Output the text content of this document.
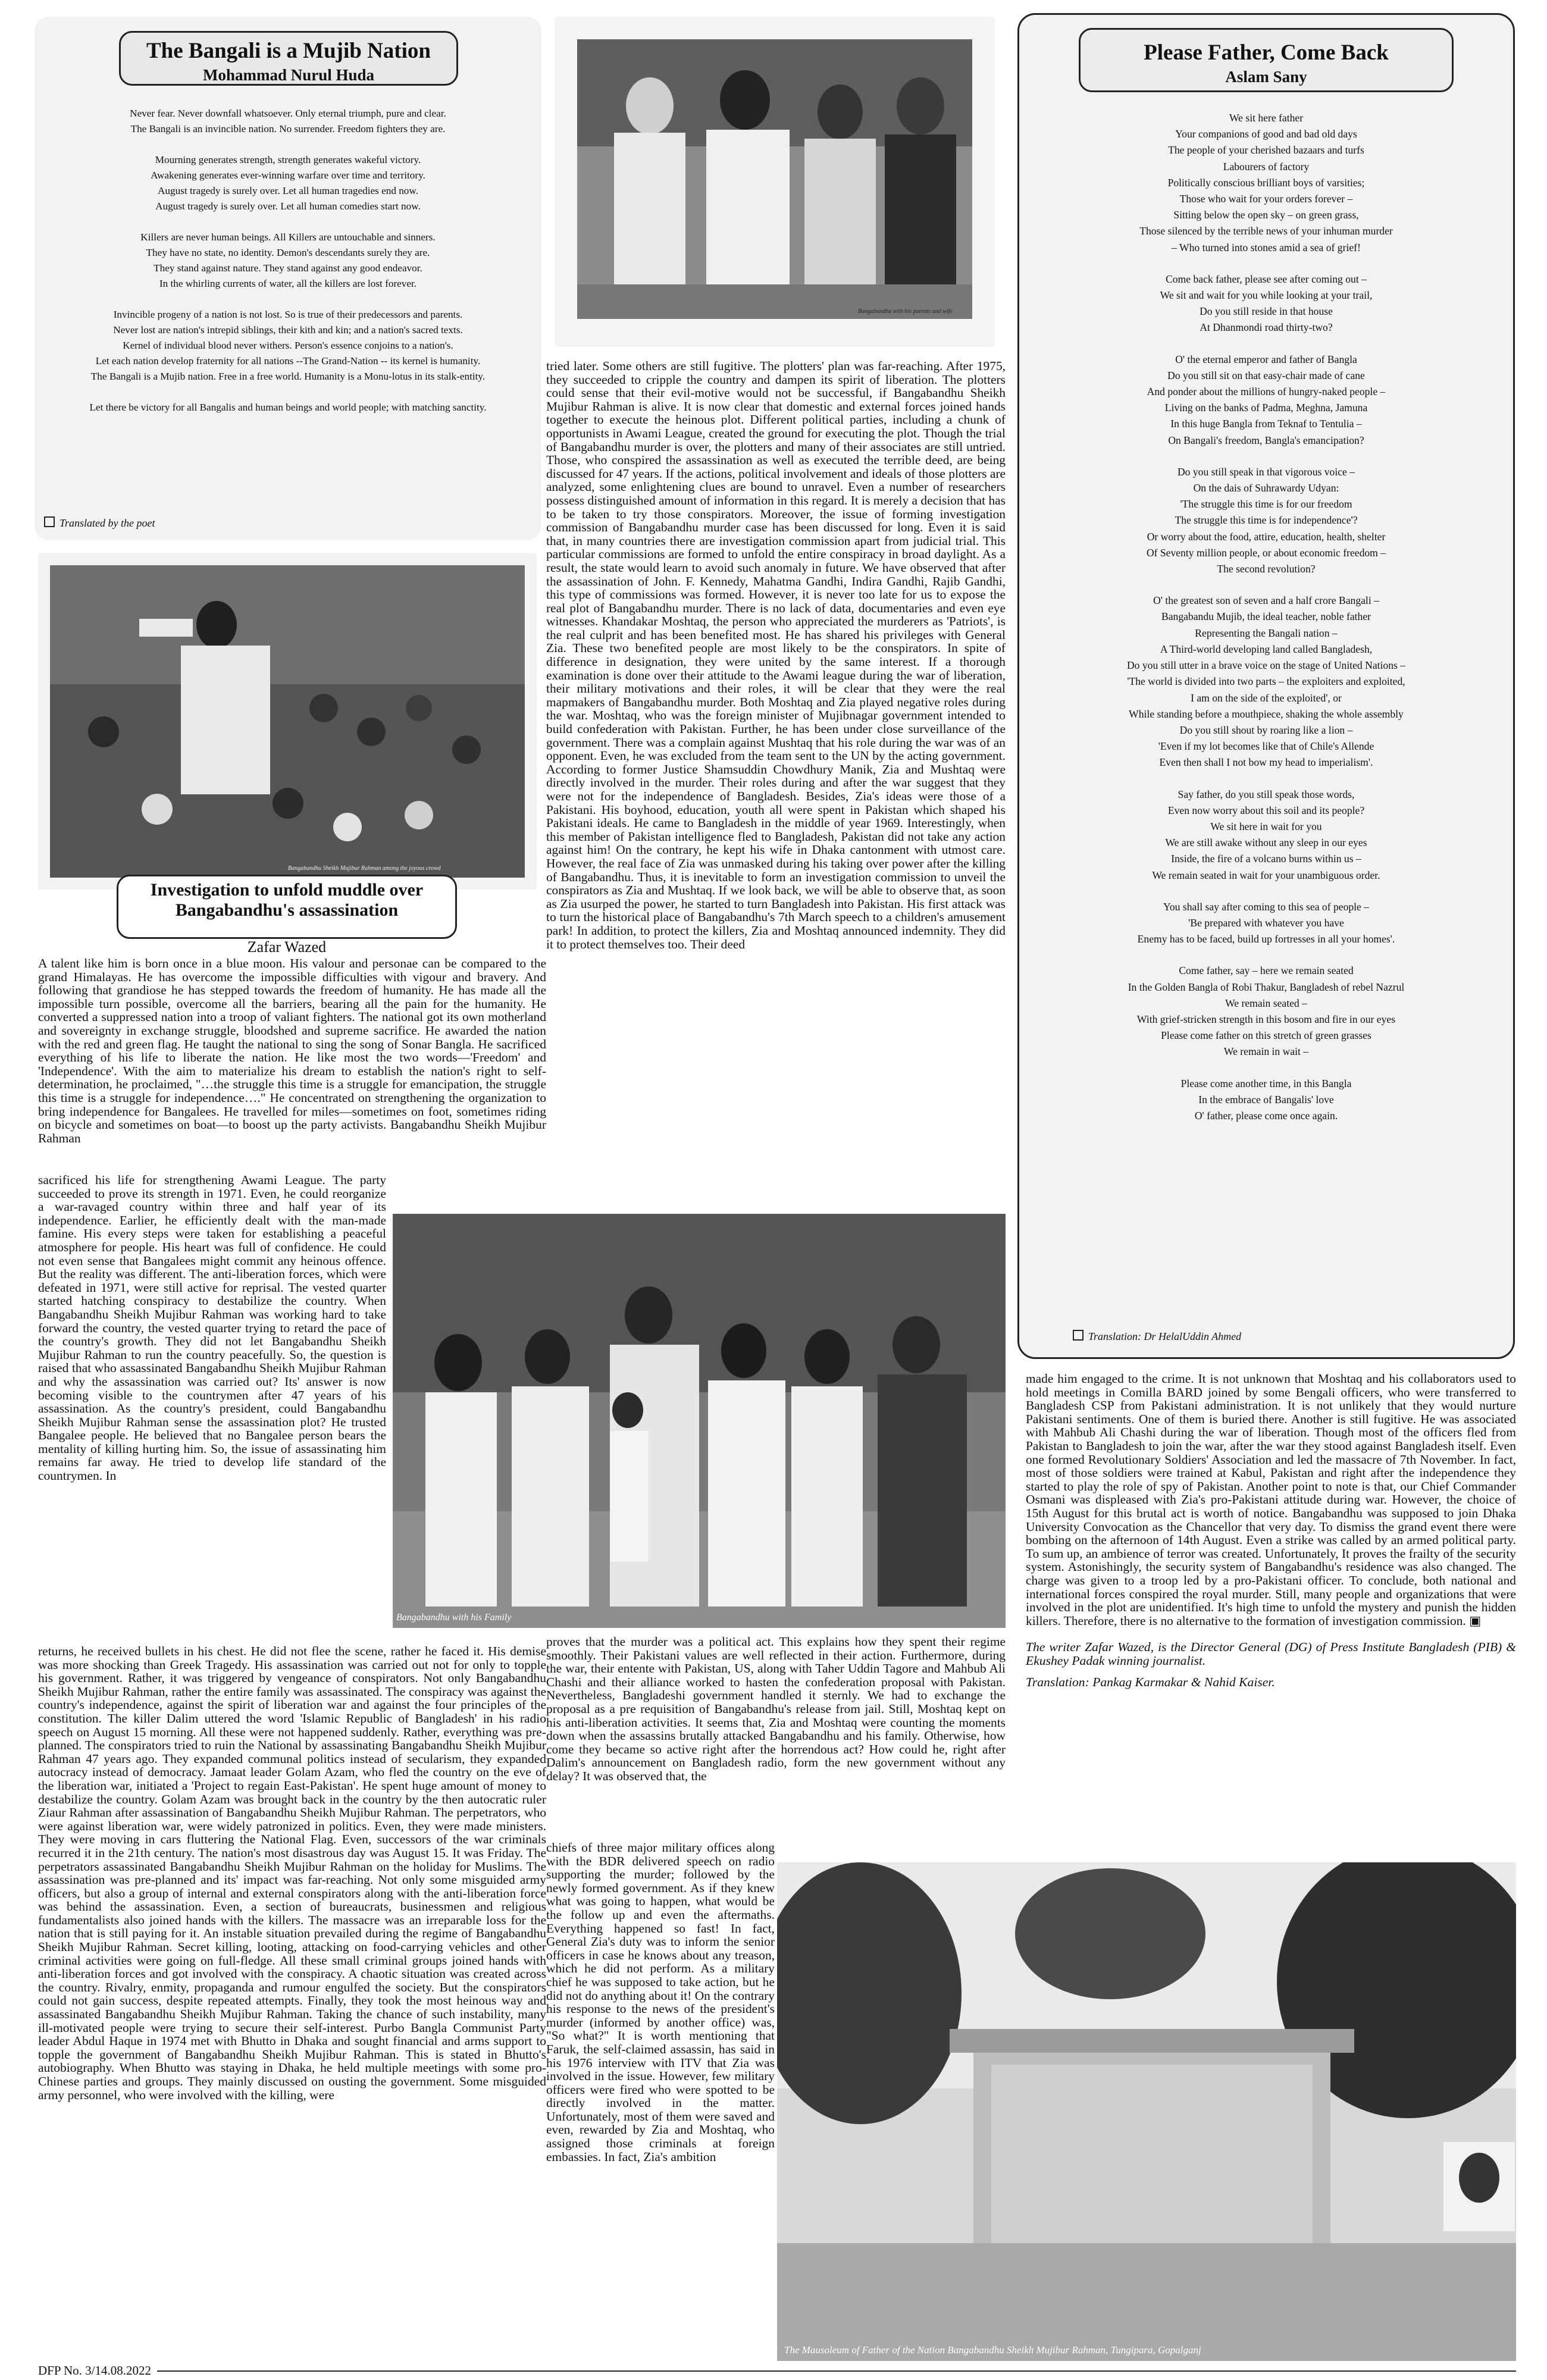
The Bangali is a Mujib Nation
Mohammad Nurul Huda
Never fear. Never downfall whatsoever. Only eternal triumph, pure and clear.
The Bangali is an invincible nation. No surrender. Freedom fighters they are.
Mourning generates strength, strength generates wakeful victory.
Awakening generates ever-winning warfare over time and territory.
August tragedy is surely over. Let all human tragedies end now.
August tragedy is surely over. Let all human comedies start now.
Killers are never human beings. All Killers are untouchable and sinners.
They have no state, no identity. Demon's descendants surely they are.
They stand against nature. They stand against any good endeavor.
In the whirling currents of water, all the killers are lost forever.
Invincible progeny of a nation is not lost. So is true of their predecessors and parents.
Never lost are nation's intrepid siblings, their kith and kin; and a nation's sacred texts.
Kernel of individual blood never withers. Person's essence conjoins to a nation's.
Let each nation develop fraternity for all nations --The Grand-Nation -- its kernel is humanity.
The Bangali is a Mujib nation. Free in a free world. Humanity is a Monu-lotus in its stalk-entity.
Let there be victory for all Bangalis and human beings and world people; with matching sanctity.
Translated by the poet
Bangabandhu with his parents and wife
Please Father, Come Back
Aslam Sany
We sit here father
Your companions of good and bad old days
The people of your cherished bazaars and turfs
Labourers of factory
Politically conscious brilliant boys of varsities;
Those who wait for your orders forever –
Sitting below the open sky – on green grass,
Those silenced by the terrible news of your inhuman murder
– Who turned into stones amid a sea of grief!
Come back father, please see after coming out –
We sit and wait for you while looking at your trail,
Do you still reside in that house
At Dhanmondi road thirty-two?
O' the eternal emperor and father of Bangla
Do you still sit on that easy-chair made of cane
And ponder about the millions of hungry-naked people –
Living on the banks of Padma, Meghna, Jamuna
In this huge Bangla from Teknaf to Tentulia –
On Bangali's freedom, Bangla's emancipation?
Do you still speak in that vigorous voice –
On the dais of Suhrawardy Udyan:
'The struggle this time is for our freedom
The struggle this time is for independence'?
Or worry about the food, attire, education, health, shelter
Of Seventy million people, or about economic freedom –
The second revolution?
O' the greatest son of seven and a half crore Bangali –
Bangabandu Mujib, the ideal teacher, noble father
Representing the Bangali nation –
A Third-world developing land called Bangladesh,
Do you still utter in a brave voice on the stage of United Nations –
'The world is divided into two parts – the exploiters and exploited,
I am on the side of the exploited', or
While standing before a mouthpiece, shaking the whole assembly
Do you still shout by roaring like a lion –
'Even if my lot becomes like that of Chile's Allende
Even then shall I not bow my head to imperialism'.
Say father, do you still speak those words,
Even now worry about this soil and its people?
We sit here in wait for you
We are still awake without any sleep in our eyes
Inside, the fire of a volcano burns within us –
We remain seated in wait for your unambiguous order.
You shall say after coming to this sea of people –
'Be prepared with whatever you have
Enemy has to be faced, build up fortresses in all your homes'.
Come father, say – here we remain seated
In the Golden Bangla of Robi Thakur, Bangladesh of rebel Nazrul
We remain seated –
With grief-stricken strength in this bosom and fire in our eyes
Please come father on this stretch of green grasses
We remain in wait –
Please come another time, in this Bangla
In the embrace of Bangalis' love
O' father, please come once again.
Translation: Dr HelalUddin Ahmed
Bangabandhu Sheikh Mujibur Rahman among the joyous crowd
Investigation to unfold muddle over
Bangabandhu's assassination
Zafar Wazed
A talent like him is born once in a blue moon. His valour and personae can be compared to the grand Himalayas. He has overcome the impossible difficulties with vigour and bravery. And following that grandiose he has stepped towards the freedom of humanity. He has made all the impossible turn possible, overcome all the barriers, bearing all the pain for the humanity. He converted a suppressed nation into a troop of valiant fighters. The national got its own motherland and sovereignty in exchange struggle, bloodshed and supreme sacrifice. He awarded the nation with the red and green flag. He taught the national to sing the song of Sonar Bangla. He sacrificed everything of his life to liberate the nation. He like most the two words—'Freedom' and 'Independence'. With the aim to materialize his dream to establish the nation's right to self-determination, he proclaimed, "…the struggle this time is a struggle for emancipation, the struggle this time is a struggle for independence…." He concentrated on strengthening the organization to bring independence for Bangalees. He travelled for miles—sometimes on foot, sometimes riding on bicycle and sometimes on boat—to boost up the party activists. Bangabandhu Sheikh Mujibur Rahman
sacrificed his life for strengthening Awami League. The party succeeded to prove its strength in 1971. Even, he could reorganize a war-ravaged country within three and half year of its independence. Earlier, he efficiently dealt with the man-made famine. His every steps were taken for establishing a peaceful atmosphere for people. His heart was full of confidence. He could not even sense that Bangalees might commit any heinous offence. But the reality was different. The anti-liberation forces, which were defeated in 1971, were still active for reprisal. The vested quarter started hatching conspiracy to destabilize the country. When Bangabandhu Sheikh Mujibur Rahman was working hard to take forward the country, the vested quarter trying to retard the pace of the country's growth. They did not let Bangabandhu Sheikh Mujibur Rahman to run the country peacefully. So, the question is raised that who assassinated Bangabandhu Sheikh Mujibur Rahman and why the assassination was carried out? Its' answer is now becoming visible to the countrymen after 47 years of his assassination. As the country's president, could Bangabandhu Sheikh Mujibur Rahman sense the assassination plot? He trusted Bangalee people. He believed that no Bangalee person bears the mentality of killing hurting him. So, the issue of assassinating him remains far away. He tried to develop life standard of the countrymen. In
returns, he received bullets in his chest. He did not flee the scene, rather he faced it. His demise was more shocking than Greek Tragedy. His assassination was carried out not for only to topple his government. Rather, it was triggered by vengeance of conspirators. Not only Bangabandhu Sheikh Mujibur Rahman, rather the entire family was assassinated. The conspiracy was against the country's independence, against the spirit of liberation war and against the four principles of the constitution. The killer Dalim uttered the word 'Islamic Republic of Bangladesh' in his radio speech on August 15 morning. All these were not happened suddenly. Rather, everything was pre-planned. The conspirators tried to ruin the National by assassinating Bangabandhu Sheikh Mujibur Rahman 47 years ago. They expanded communal politics instead of secularism, they expanded autocracy instead of democracy. Jamaat leader Golam Azam, who fled the country on the eve of the liberation war, initiated a 'Project to regain East-Pakistan'. He spent huge amount of money to destabilize the country. Golam Azam was brought back in the country by the then autocratic ruler Ziaur Rahman after assassination of Bangabandhu Sheikh Mujibur Rahman. The perpetrators, who were against liberation war, were widely patronized in politics. Even, they were made ministers. They were moving in cars fluttering the National Flag. Even, successors of the war criminals recurred it in the 21th century. The nation's most disastrous day was August 15. It was Friday. The perpetrators assassinated Bangabandhu Sheikh Mujibur Rahman on the holiday for Muslims. The assassination was pre-planned and its' impact was far-reaching. Not only some misguided army officers, but also a group of internal and external conspirators along with the anti-liberation force was behind the assassination. Even, a section of bureaucrats, businessmen and religious fundamentalists also joined hands with the killers. The massacre was an irreparable loss for the nation that is still paying for it. An instable situation prevailed during the regime of Bangabandhu Sheikh Mujibur Rahman. Secret killing, looting, attacking on food-carrying vehicles and other criminal activities were going on full-fledge. All these small criminal groups joined hands with anti-liberation forces and got involved with the conspiracy. A chaotic situation was created across the country. Rivalry, enmity, propaganda and rumour engulfed the society. But the conspirators could not gain success, despite repeated attempts. Finally, they took the most heinous way and assassinated Bangabandhu Sheikh Mujibur Rahman. Taking the chance of such instability, many ill-motivated people were trying to secure their self-interest. Purbo Bangla Communist Party leader Abdul Haque in 1974 met with Bhutto in Dhaka and sought financial and arms support to topple the government of Bangabandhu Sheikh Mujibur Rahman. This is stated in Bhutto's autobiography. When Bhutto was staying in Dhaka, he held multiple meetings with some pro-Chinese parties and groups. They mainly discussed on ousting the government. Some misguided army personnel, who were involved with the killing, were
tried later. Some others are still fugitive. The plotters' plan was far-reaching. After 1975, they succeeded to cripple the country and dampen its spirit of liberation. The plotters could sense that their evil-motive would not be successful, if Bangabandhu Sheikh Mujibur Rahman is alive. It is now clear that domestic and external forces joined hands together to execute the heinous plot. Different political parties, including a chunk of opportunists in Awami League, created the ground for executing the plot. Though the trial of Bangabandhu murder is over, the plotters and many of their associates are still untried. Those, who conspired the assassination as well as executed the terrible deed, are being discussed for 47 years. If the actions, political involvement and ideals of those plotters are analyzed, some enlightening clues are bound to unravel. Even a number of researchers possess distinguished amount of information in this regard. It is merely a decision that has to be taken to try those conspirators. Moreover, the issue of forming investigation commission of Bangabandhu murder case has been discussed for long. Even it is said that, in many countries there are investigation commission apart from judicial trial. This particular commissions are formed to unfold the entire conspiracy in broad daylight. As a result, the state would learn to avoid such anomaly in future. We have observed that after the assassination of John. F. Kennedy, Mahatma Gandhi, Indira Gandhi, Rajib Gandhi, this type of commissions was formed. However, it is never too late for us to expose the real plot of Bangabandhu murder. There is no lack of data, documentaries and even eye witnesses. Khandakar Moshtaq, the person who appreciated the murderers as 'Patriots', is the real culprit and has been benefited most. He has shared his privileges with General Zia. These two benefited people are most likely to be the conspirators. In spite of difference in designation, they were united by the same interest. If a thorough examination is done over their attitude to the Awami league during the war of liberation, their military motivations and their roles, it will be clear that they were the real mapmakers of Bangabandhu murder. Both Moshtaq and Zia played negative roles during the war. Moshtaq, who was the foreign minister of Mujibnagar government intended to build confederation with Pakistan. Further, he has been under close surveillance of the government. There was a complain against Mushtaq that his role during the war was of an opponent. Even, he was excluded from the team sent to the UN by the acting government. According to former Justice Shamsuddin Chowdhury Manik, Zia and Mushtaq were directly involved in the murder. Their roles during and after the war suggest that they were not for the independence of Bangladesh. Besides, Zia's ideas were those of a Pakistani. His boyhood, education, youth all were spent in Pakistan which shaped his Pakistani ideals. He came to Bangladesh in the middle of year 1969. Interestingly, when this member of Pakistan intelligence fled to Bangladesh, Pakistan did not take any action against him! On the contrary, he kept his wife in Dhaka cantonment with utmost care. However, the real face of Zia was unmasked during his taking over power after the killing of Bangabandhu. Thus, it is inevitable to form an investigation commission to unveil the conspirators as Zia and Mushtaq. If we look back, we will be able to observe that, as soon as Zia usurped the power, he started to turn Bangladesh into Pakistan. His first attack was to turn the historical place of Bangabandhu's 7th March speech to a children's amusement park! In addition, to protect the killers, Zia and Moshtaq announced indemnity. They did it to protect themselves too. Their deed
Bangabandhu with his Family
proves that the murder was a political act. This explains how they spent their regime smoothly. Their Pakistani values are well reflected in their action. Furthermore, during the war, their entente with Pakistan, US, along with Taher Uddin Tagore and Mahbub Ali Chashi and their alliance worked to hasten the confederation proposal with Pakistan. Nevertheless, Bangladeshi government handled it sternly. We had to exchange the proposal as a pre requisition of Bangabandhu's release from jail. Still, Moshtaq kept on his anti-liberation activities. It seems that, Zia and Moshtaq were counting the moments down when the assassins brutally attacked Bangabandhu and his family. Otherwise, how come they became so active right after the horrendous act? How could he, right after Dalim's announcement on Bangladesh radio, form the new government without any delay? It was observed that, the
chiefs of three major military offices along with the BDR delivered speech on radio supporting the murder; followed by the newly formed government. As if they knew what was going to happen, what would be the follow up and even the aftermaths. Everything happened so fast! In fact, General Zia's duty was to inform the senior officers in case he knows about any treason, which he did not perform. As a military chief he was supposed to take action, but he did not do anything about it! On the contrary his response to the news of the president's murder (informed by another office) was, "So what?" It is worth mentioning that Faruk, the self-claimed assassin, has said in his 1976 interview with ITV that Zia was involved in the issue. However, few military officers were fired who were spotted to be directly involved in the matter. Unfortunately, most of them were saved and even, rewarded by Zia and Moshtaq, who assigned those criminals at foreign embassies. In fact, Zia's ambition
made him engaged to the crime. It is not unknown that Moshtaq and his collaborators used to hold meetings in Comilla BARD joined by some Bengali officers, who were transferred to Bangladesh CSP from Pakistani administration. It is not unlikely that they would nurture Pakistani sentiments. One of them is buried there. Another is still fugitive. He was associated with Mahbub Ali Chashi during the war of liberation. Though most of the officers fled from Pakistan to Bangladesh to join the war, after the war they stood against Bangladesh itself. Even one formed Revolutionary Soldiers' Association and led the massacre of 7th November. In fact, most of those soldiers were trained at Kabul, Pakistan and right after the independence they started to play the role of spy of Pakistan. Another point to note is that, our Chief Commander Osmani was displeased with Zia's pro-Pakistani attitude during war. However, the choice of 15th August for this brutal act is worth of notice. Bangabandhu was supposed to join Dhaka University Convocation as the Chancellor that very day. To dismiss the grand event there were bombing on the afternoon of 14th August. Even a strike was called by an armed political party. To sum up, an ambience of terror was created. Unfortunately, It proves the frailty of the security system. Astonishingly, the security system of Bangabandhu's residence was also changed. The charge was given to a troop led by a pro-Pakistani officer. To conclude, both national and international forces conspired the royal murder. Still, many people and organizations that were involved in the plot are unidentified. It's high time to unfold the mystery and punish the hidden killers. Therefore, there is no alternative to the formation of investigation commission. ▣
The writer Zafar Wazed, is the Director General (DG) of Press Institute Bangladesh (PIB) & Ekushey Padak winning journalist.
Translation: Pankag Karmakar & Nahid Kaiser.
The Mausoleum of Father of the Nation Bangabandhu Sheikh Mujibur Rahman, Tungipara, Gopalganj
DFP No. 3/14.08.2022
